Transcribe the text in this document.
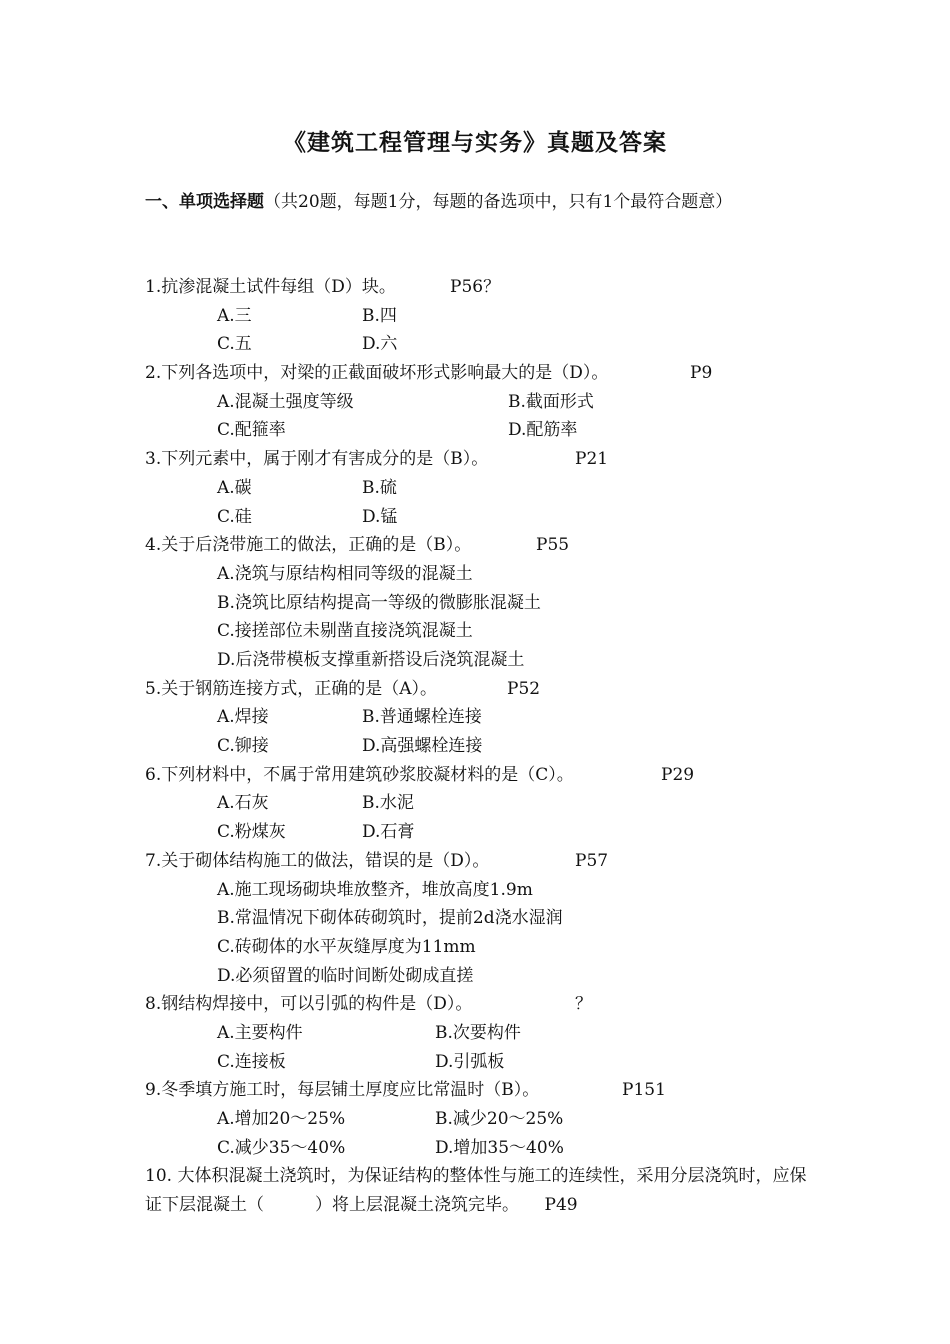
《建筑工程管理与实务》真题及答案
一、单项选择题（共20题，每题1分，每题的备选项中，只有1个最符合题意）
1.抗渗混凝土试件每组（D）块。	P56？
A.三	B.四
C.五	D.六
2.下列各选项中，对梁的正截面破坏形式影响最大的是（D）。	P9
A.混凝土强度等级	B.截面形式
C.配箍率	D.配筋率
3.下列元素中，属于刚才有害成分的是（B）。	P21
A.碳	B.硫
C.硅	D.锰
4.关于后浇带施工的做法，正确的是（B）。	P55
A.浇筑与原结构相同等级的混凝土
B.浇筑比原结构提高一等级的微膨胀混凝土
C.接搓部位未剔凿直接浇筑混凝土
D.后浇带模板支撑重新搭设后浇筑混凝土
5.关于钢筋连接方式，正确的是（A）。	P52
A.焊接	B.普通螺栓连接
C.铆接	D.高强螺栓连接
6.下列材料中，不属于常用建筑砂浆胶凝材料的是（C）。	P29
A.石灰	B.水泥
C.粉煤灰	D.石膏
7.关于砌体结构施工的做法，错误的是（D）。	P57
A.施工现场砌块堆放整齐，堆放高度1.9m
B.常温情况下砌体砖砌筑时，提前2d浇水湿润
C.砖砌体的水平灰缝厚度为11mm
D.必须留置的临时间断处砌成直搓
8.钢结构焊接中，可以引弧的构件是（D）。	？
A.主要构件	B.次要构件
C.连接板	D.引弧板
9.冬季填方施工时，每层铺土厚度应比常温时（B）。	P151
A.增加20～25%	B.减少20～25%
C.减少35～40%	D.增加35～40%
10. 大体积混凝土浇筑时，为保证结构的整体性与施工的连续性，采用分层浇筑时，应保证下层混凝土（　　　）将上层混凝土浇筑完毕。   P49
